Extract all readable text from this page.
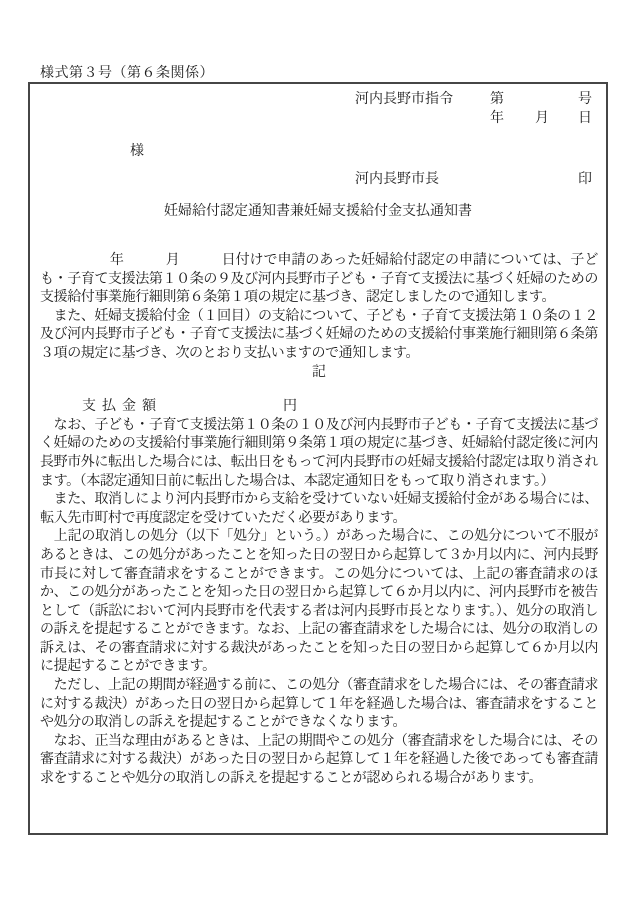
様式第３号（第６条関係）
河内長野市指令	第	号
年 月 日
様
河内長野市長	印
妊婦給付認定通知書兼妊婦支援給付金支払通知書

　　　　　年　　　月　　　日付けで申請のあった妊婦給付認定の申請については、子ども・子育て支援法第１０条の９及び河内長野市子ども・子育て支援法に基づく妊婦のための支援給付事業施行細則第６条第１項の規定に基づき、認定しましたので通知します。

　また、妊婦支援給付金（１回目）の支給について、子ども・子育て支援法第１０条の１２及び河内長野市子ども・子育て支援法に基づく妊婦のための支援給付事業施行細則第６条第３項の規定に基づき、次のとおり支払いますので通知します。

記

支払金額	円

　なお、子ども・子育て支援法第１０条の１０及び河内長野市子ども・子育て支援法に基づく妊婦のための支援給付事業施行細則第９条第１項の規定に基づき、妊婦給付認定後に河内長野市外に転出した場合には、転出日をもって河内長野市の妊婦支援給付認定は取り消されます。（本認定通知日前に転出した場合は、本認定通知日をもって取り消されます。）

　また、取消しにより河内長野市から支給を受けていない妊婦支援給付金がある場合には、転入先市町村で再度認定を受けていただく必要があります。

　上記の取消しの処分（以下「処分」という。）があった場合に、この処分について不服があるときは、この処分があったことを知った日の翌日から起算して３か月以内に、河内長野市長に対して審査請求をすることができます。この処分については、上記の審査請求のほか、この処分があったことを知った日の翌日から起算して６か月以内に、河内長野市を被告として（訴訟において河内長野市を代表する者は河内長野市長となります。）、処分の取消しの訴えを提起することができます。なお、上記の審査請求をした場合には、処分の取消しの訴えは、その審査請求に対する裁決があったことを知った日の翌日から起算して６か月以内に提起することができます。

　ただし、上記の期間が経過する前に、この処分（審査請求をした場合には、その審査請求に対する裁決）があった日の翌日から起算して１年を経過した場合は、審査請求をすることや処分の取消しの訴えを提起することができなくなります。

　なお、正当な理由があるときは、上記の期間やこの処分（審査請求をした場合には、その審査請求に対する裁決）があった日の翌日から起算して１年を経過した後であっても審査請求をすることや処分の取消しの訴えを提起することが認められる場合があります。
